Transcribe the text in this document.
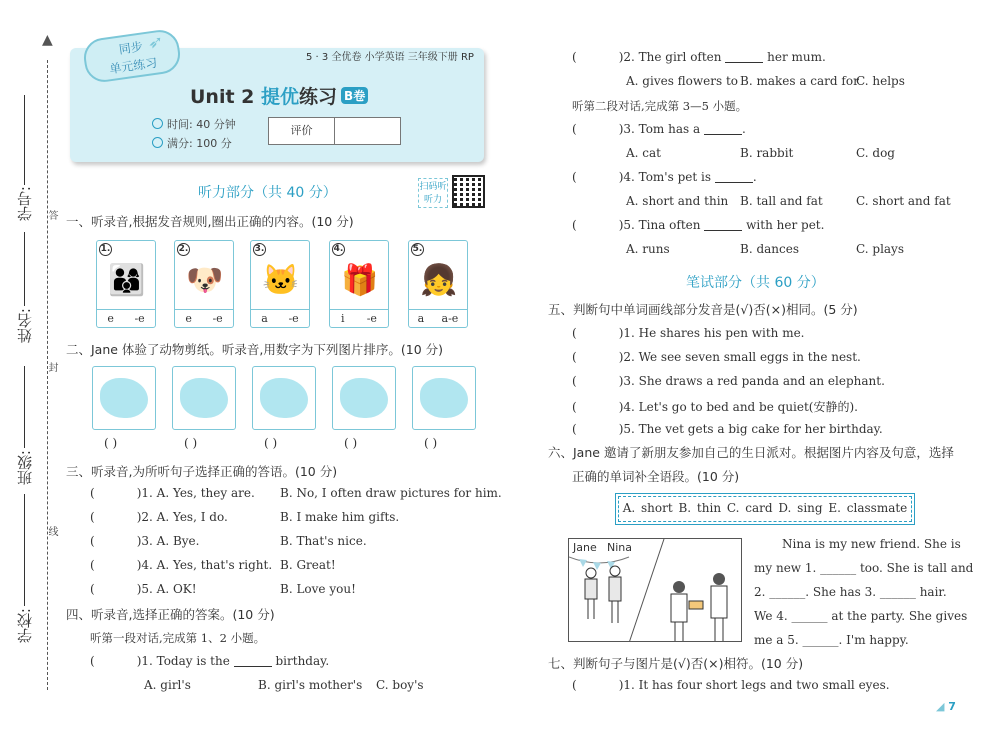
▲
学号:
姓名:
班级:
学校:
答
封
线
同步
单元练习
➶
5 · 3 全优卷 小学英语 三年级下册 RP
Unit 2 提优练习 B卷
时间: 40 分钟
满分: 100 分
评价
听力部分（共 40 分）	扫码听听力
一、听录音,根据发音规则,圈出正确的内容。(10 分)
1.
👨‍👩‍👦
e -e
2.
🐶
e -e
3.
🐱
a -e
4.
🎁
i -e
5.
👧
a a-e
二、Jane 体验了动物剪纸。听录音,用数字为下列图片排序。(10 分)
( )	( )	( )	( )	( )
三、听录音,为所听句子选择正确的答语。(10 分)
(	)1. A. Yes, they are. B. No, I often draw pictures for him.
(	)2. A. Yes, I do.	B. I make him gifts.
(	)3. A. Bye.	B. That's nice.
(	)4. A. Yes, that's right. B. Great!
(	)5. A. OK!	B. Love you!
四、听录音,选择正确的答案。(10 分)
听第一段对话,完成第 1、2 小题。
(	)1. Today is the	birthday.
A. girl's	B. girl's mother's C. boy's
(	)2. The girl often	her mum.
A. gives flowers to B. makes a card for
C. helps
听第二段对话,完成第 3—5 小题。
(	)3. Tom has a	.
A. cat	B. rabbit	C. dog
(	)4. Tom's pet is	.
A. short and thin B. tall and fat	C. short and fat
(	)5. Tina often	with her pet.
A. runs	B. dances	C. plays
笔试部分（共 60 分）
五、判断句中单词画线部分发音是(√)否(×)相同。(5 分)
(	)1. He shares his pen with me.
(	)2. We see seven small eggs in the nest.
(	)3. She draws a red panda and an elephant.
(	)4. Let's go to bed and be quiet(安静的).
(	)5. The vet gets a big cake for her birthday.
六、Jane 邀请了新朋友参加自己的生日派对。根据图片内容及句意，选择
正确的单词补全语段。(10 分)
A. short B. thin C. card D. sing E. classmate
Jane Nina	Nina is my new friend. She is
my new 1. ______ too. She is tall and
2. ______. She has 3. ______ hair.
We 4. ______ at the party. She gives
me a 5. ______. I'm happy.
七、判断句子与图片是(√)否(×)相符。(10 分)
(	)1. It has four short legs and two small eyes.
◢ 7
